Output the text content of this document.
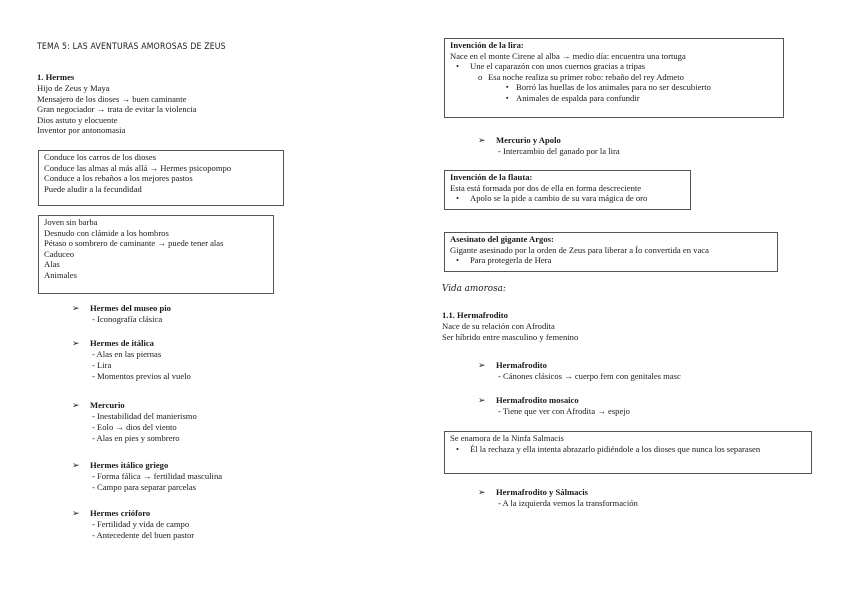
TEMA 5: LAS AVENTURAS AMOROSAS DE ZEUS
1. Hermes
Hijo de Zeus y Maya
Mensajero de los dioses → buen caminante
Gran negociador → trata de evitar la violencia
Dios astuto y elocuente
Inventor por antonomasia
Conduce los carros de los dioses
Conduce las almas al más allá → Hermes psicopompo
Conduce a los rebaños a los mejores pastos
Puede aludir a la fecundidad
Joven sin barba
Desnudo con clámide a los hombros
Pétaso o sombrero de caminante → puede tener alas
Caduceo
Alas
Animales
➢	Hermes del museo pio
- Iconografía clásica
➢	Hermes de itálica
- Alas en las piernas
- Lira
- Momentos previos al vuelo
➢	Mercurio
- Inestabilidad del manierismo
- Eolo → dios del viento
- Alas en pies y sombrero
➢	Hermes itálico griego
- Forma fálica → fertilidad masculina
- Campo para separar parcelas
➢	Hermes crióforo
- Fertilidad y vida de campo
- Antecedente del buen pastor
Invención de la lira:
Nace en el monte Cirene al alba → medio día: encuentra una tortuga
• Une el caparazón con unos cuernos gracias a tripas
o Esa noche realiza su primer robo: rebaño del rey Admeto
▪ Borró las huellas de los animales para no ser descubierto
▪ Animales de espalda para confundir
➢	Mercurio y Apolo
- Intercambio del ganado por la lira
Invención de la flauta:
Esta está formada por dos de ella en forma descreciente
• Apolo se la pide a cambio de su vara mágica de oro
Asesinato del gigante Argos:
Gigante asesinado por la orden de Zeus para liberar a Ío convertida en vaca
• Para protegerla de Hera
Vida amorosa:
1.1. Hermafrodito
Nace de su relación con Afrodita
Ser híbrido entre masculino y femenino
➢	Hermafrodito
- Cánones clásicos → cuerpo fem con genitales masc
➢	Hermafrodito mosaico
- Tiene que ver con Afrodita → espejo
Se enamora de la Ninfa Salmacis
• Él la rechaza y ella intenta abrazarlo pidiéndole a los dioses que nunca los separasen
➢	Hermafrodito y Sálmacis
- A la izquierda vemos la transformación
